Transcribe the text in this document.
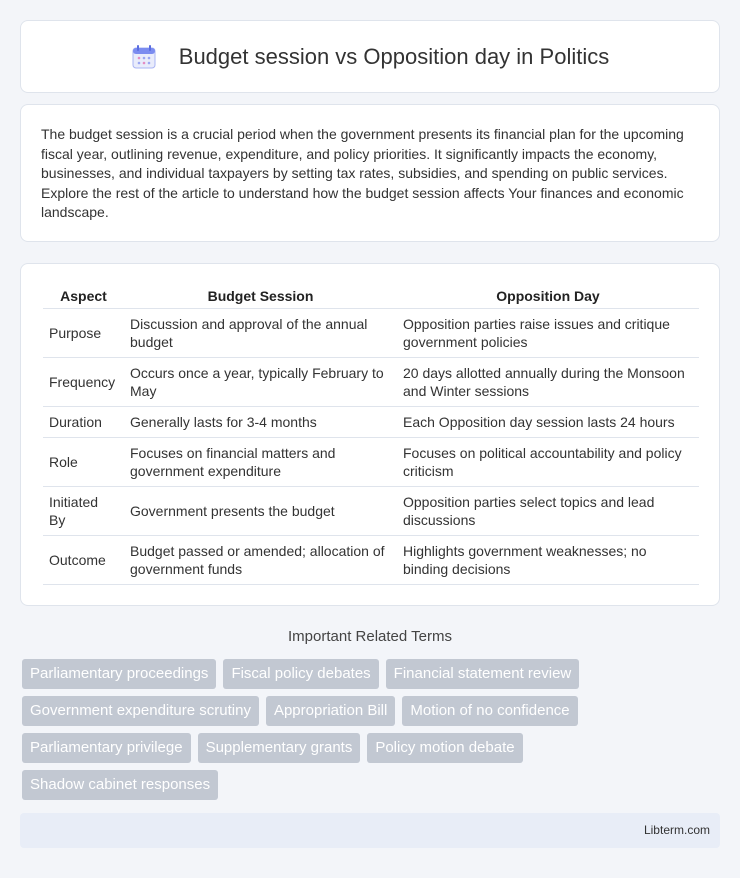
Budget session vs Opposition day in Politics

The budget session is a crucial period when the government presents its financial plan for the upcoming fiscal year, outlining revenue, expenditure, and policy priorities. It significantly impacts the economy, businesses, and individual taxpayers by setting tax rates, subsidies, and spending on public services. Explore the rest of the article to understand how the budget session affects Your finances and economic landscape.

Aspect	Budget Session	Opposition Day
Purpose	Discussion and approval of the annual budget	Opposition parties raise issues and critique government policies
Frequency	Occurs once a year, typically February to May	20 days allotted annually during the Monsoon and Winter sessions
Duration	Generally lasts for 3-4 months	Each Opposition day session lasts 24 hours
Role	Focuses on financial matters and government expenditure	Focuses on political accountability and policy criticism
Initiated By	Government presents the budget	Opposition parties select topics and lead discussions
Outcome	Budget passed or amended; allocation of government funds	Highlights government weaknesses; no binding decisions
Important Related Terms
Parliamentary proceedings	Fiscal policy debates	Financial statement review
Government expenditure scrutiny	Appropriation Bill	Motion of no confidence
Parliamentary privilege	Supplementary grants	Policy motion debate
Shadow cabinet responses
Libterm.com
